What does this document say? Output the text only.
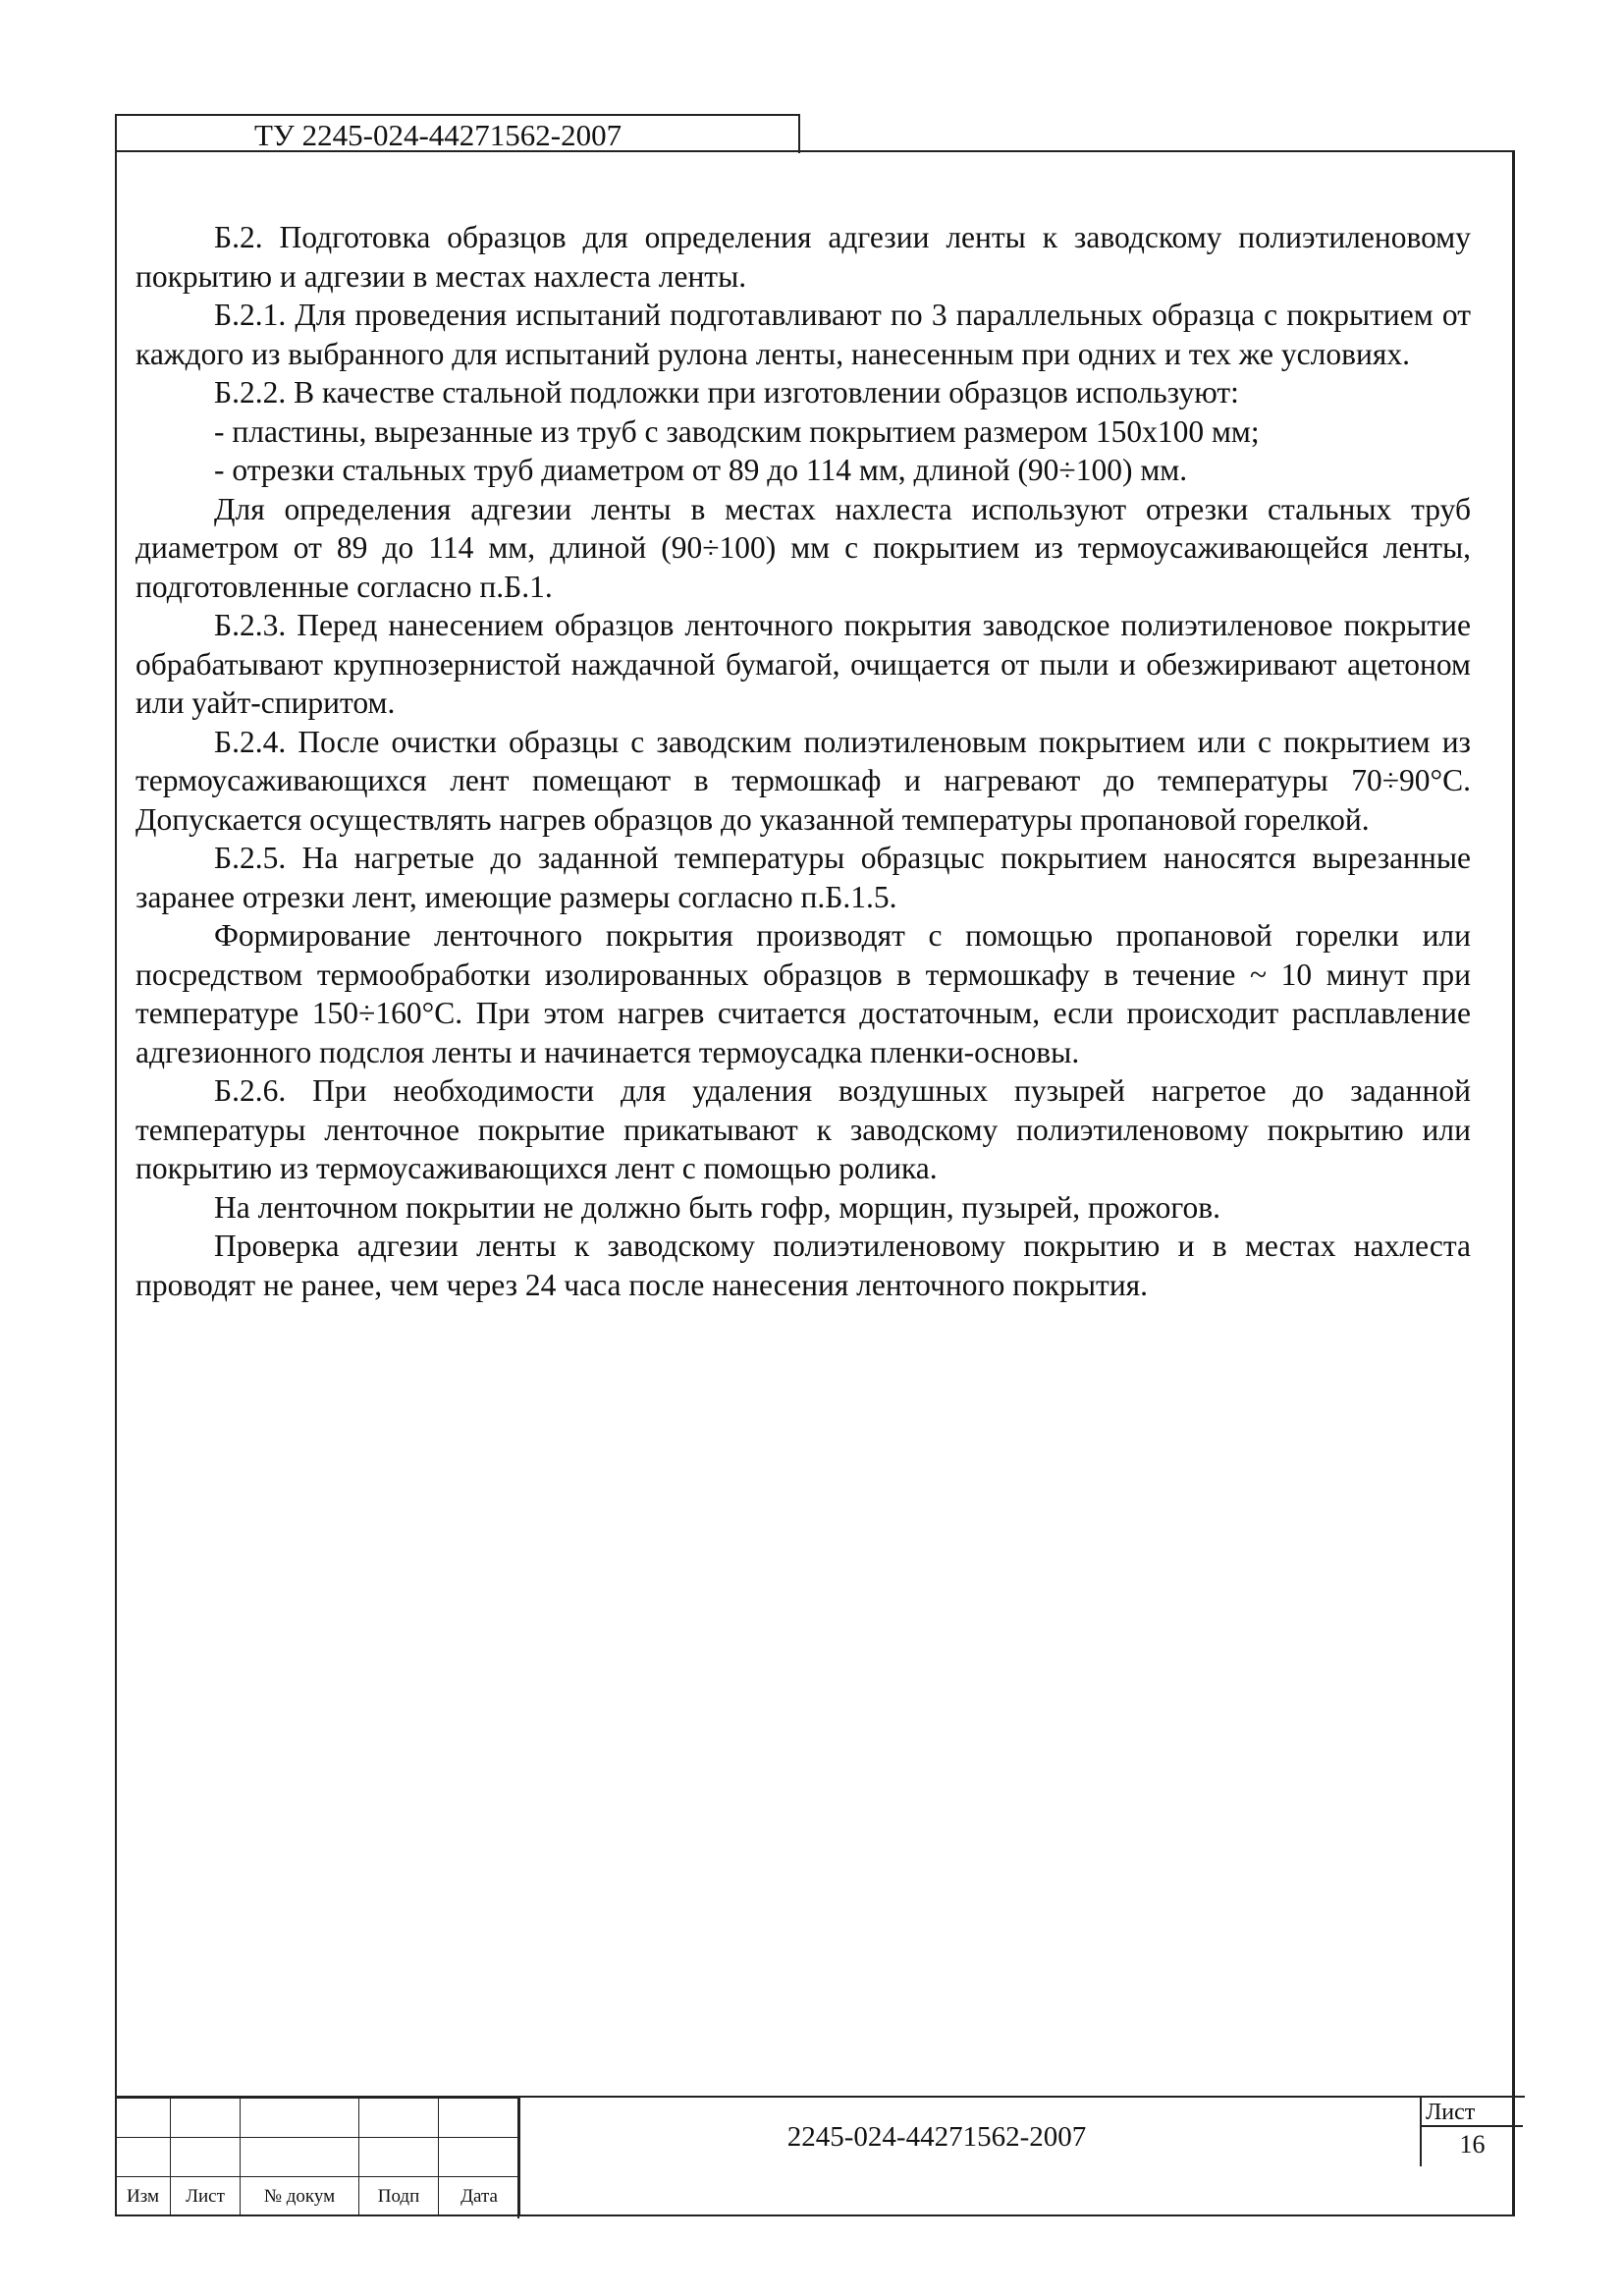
ТУ 2245-024-44271562-2007

Б.2. Подготовка образцов для определения адгезии ленты к заводскому полиэтиленовому покрытию и адгезии в местах нахлеста ленты.

Б.2.1. Для проведения испытаний подготавливают по 3 параллельных образца с покрытием от каждого из выбранного для испытаний рулона ленты, нанесенным при одних и тех же условиях.

Б.2.2. В качестве стальной подложки при изготовлении образцов используют:

- пластины, вырезанные из труб с заводским покрытием размером 150х100 мм;

- отрезки стальных труб диаметром от 89 до 114 мм, длиной (90÷100) мм.

Для определения адгезии ленты в местах нахлеста используют отрезки стальных труб диаметром от 89 до 114 мм, длиной (90÷100) мм с покрытием из термоусаживающейся ленты, подготовленные согласно п.Б.1.

Б.2.3. Перед нанесением образцов ленточного покрытия заводское полиэтиленовое покрытие обрабатывают крупнозернистой наждачной бумагой, очищается от пыли и обезжиривают ацетоном или уайт-спиритом.

Б.2.4. После очистки образцы с заводским полиэтиленовым покрытием или с покрытием из термоусаживающихся лент помещают в термошкаф и нагревают до температуры 70÷90°С. Допускается осуществлять нагрев образцов до указанной температуры пропановой горелкой.

Б.2.5. На нагретые до заданной температуры образцыс покрытием наносятся вырезанные заранее отрезки лент, имеющие размеры согласно п.Б.1.5.

Формирование ленточного покрытия производят с помощью пропановой горелки или посредством термообработки изолированных образцов в термошкафу в течение ~ 10 минут при температуре 150÷160°С. При этом нагрев считается достаточным, если происходит расплавление адгезионного подслоя ленты и начинается термоусадка пленки-основы.

Б.2.6. При необходимости для удаления воздушных пузырей нагретое до заданной температуры ленточное покрытие прикатывают к заводскому полиэтиленовому покрытию или покрытию из термоусаживающихся лент с помощью ролика.

На ленточном покрытии не должно быть гофр, морщин, пузырей, прожогов.

Проверка адгезии ленты к заводскому полиэтиленовому покрытию и в местах нахлеста проводят не ранее, чем через 24 часа после нанесения ленточного покрытия.

Изм	Лист	№ докум	Подп	Дата
2245-024-44271562-2007
Лист
16
